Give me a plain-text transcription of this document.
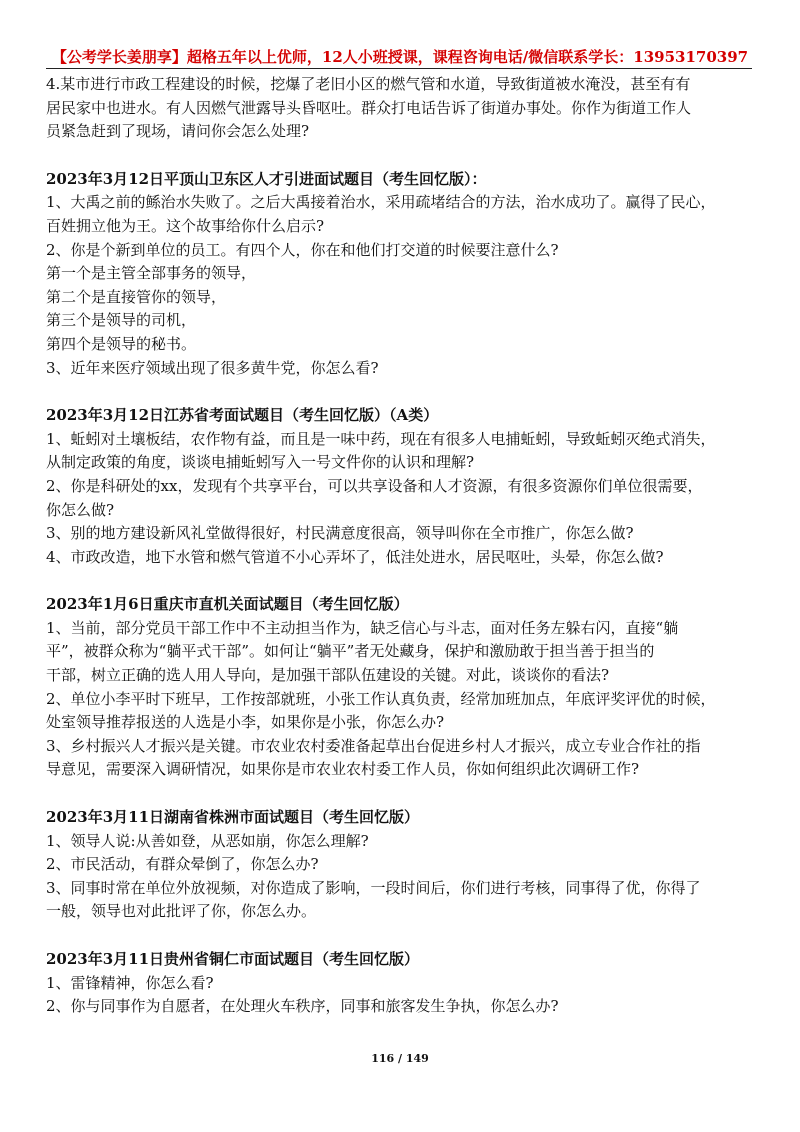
【公考学长姜朋享】超格五年以上优师，12人小班授课，课程咨询电话/微信联系学长：13953170397

4.某市进行市政工程建设的时候，挖爆了老旧小区的燃气管和水道，导致街道被水淹没，甚至有有

居民家中也进水。有人因燃气泄露导头昏呕吐。群众打电话告诉了街道办事处。你作为街道工作人

员紧急赶到了现场，请问你会怎么处理?

2023年3月12日平顶山卫东区人才引进面试题目（考生回忆版）：

1、大禹之前的鲧治水失败了。之后大禹接着治水，采用疏堵结合的方法，治水成功了。赢得了民心，

百姓拥立他为王。这个故事给你什么启示?

2、你是个新到单位的员工。有四个人，你在和他们打交道的时候要注意什么?

第一个是主管全部事务的领导，

第二个是直接管你的领导，

第三个是领导的司机，

第四个是领导的秘书。

3、近年来医疗领域出现了很多黄牛党，你怎么看?

2023年3月12日江苏省考面试题目（考生回忆版）（A类）

1、蚯蚓对土壤板结，农作物有益，而且是一味中药，现在有很多人电捕蚯蚓，导致蚯蚓灭绝式消失，

从制定政策的角度，谈谈电捕蚯蚓写入一号文件你的认识和理解?

2、你是科研处的xx，发现有个共享平台，可以共享设备和人才资源，有很多资源你们单位很需要，

你怎么做?

3、别的地方建设新风礼堂做得很好，村民满意度很高，领导叫你在全市推广，你怎么做?

4、市政改造，地下水管和燃气管道不小心弄坏了，低洼处进水，居民呕吐，头晕，你怎么做?

2023年1月6日重庆市直机关面试题目（考生回忆版）

1、当前，部分党员干部工作中不主动担当作为，缺乏信心与斗志，面对任务左躲右闪，直接“躺

平”，被群众称为“躺平式干部”。如何让“躺平”者无处藏身，保护和激励敢于担当善于担当的

干部，树立正确的选人用人导向，是加强干部队伍建设的关键。对此，谈谈你的看法?

2、单位小李平时下班早，工作按部就班，小张工作认真负责，经常加班加点，年底评奖评优的时候，

处室领导推荐报送的人选是小李，如果你是小张，你怎么办?

3、乡村振兴人才振兴是关键。市农业农村委准备起草出台促进乡村人才振兴，成立专业合作社的指

导意见，需要深入调研情况，如果你是市农业农村委工作人员，你如何组织此次调研工作?

2023年3月11日湖南省株洲市面试题目（考生回忆版）

1、领导人说:从善如登，从恶如崩，你怎么理解?

2、市民活动，有群众晕倒了，你怎么办?

3、同事时常在单位外放视频，对你造成了影响，一段时间后，你们进行考核，同事得了优，你得了

一般，领导也对此批评了你，你怎么办。

2023年3月11日贵州省铜仁市面试题目（考生回忆版）

1、雷锋精神，你怎么看?

2、你与同事作为自愿者，在处理火车秩序，同事和旅客发生争执，你怎么办?

116 / 149
